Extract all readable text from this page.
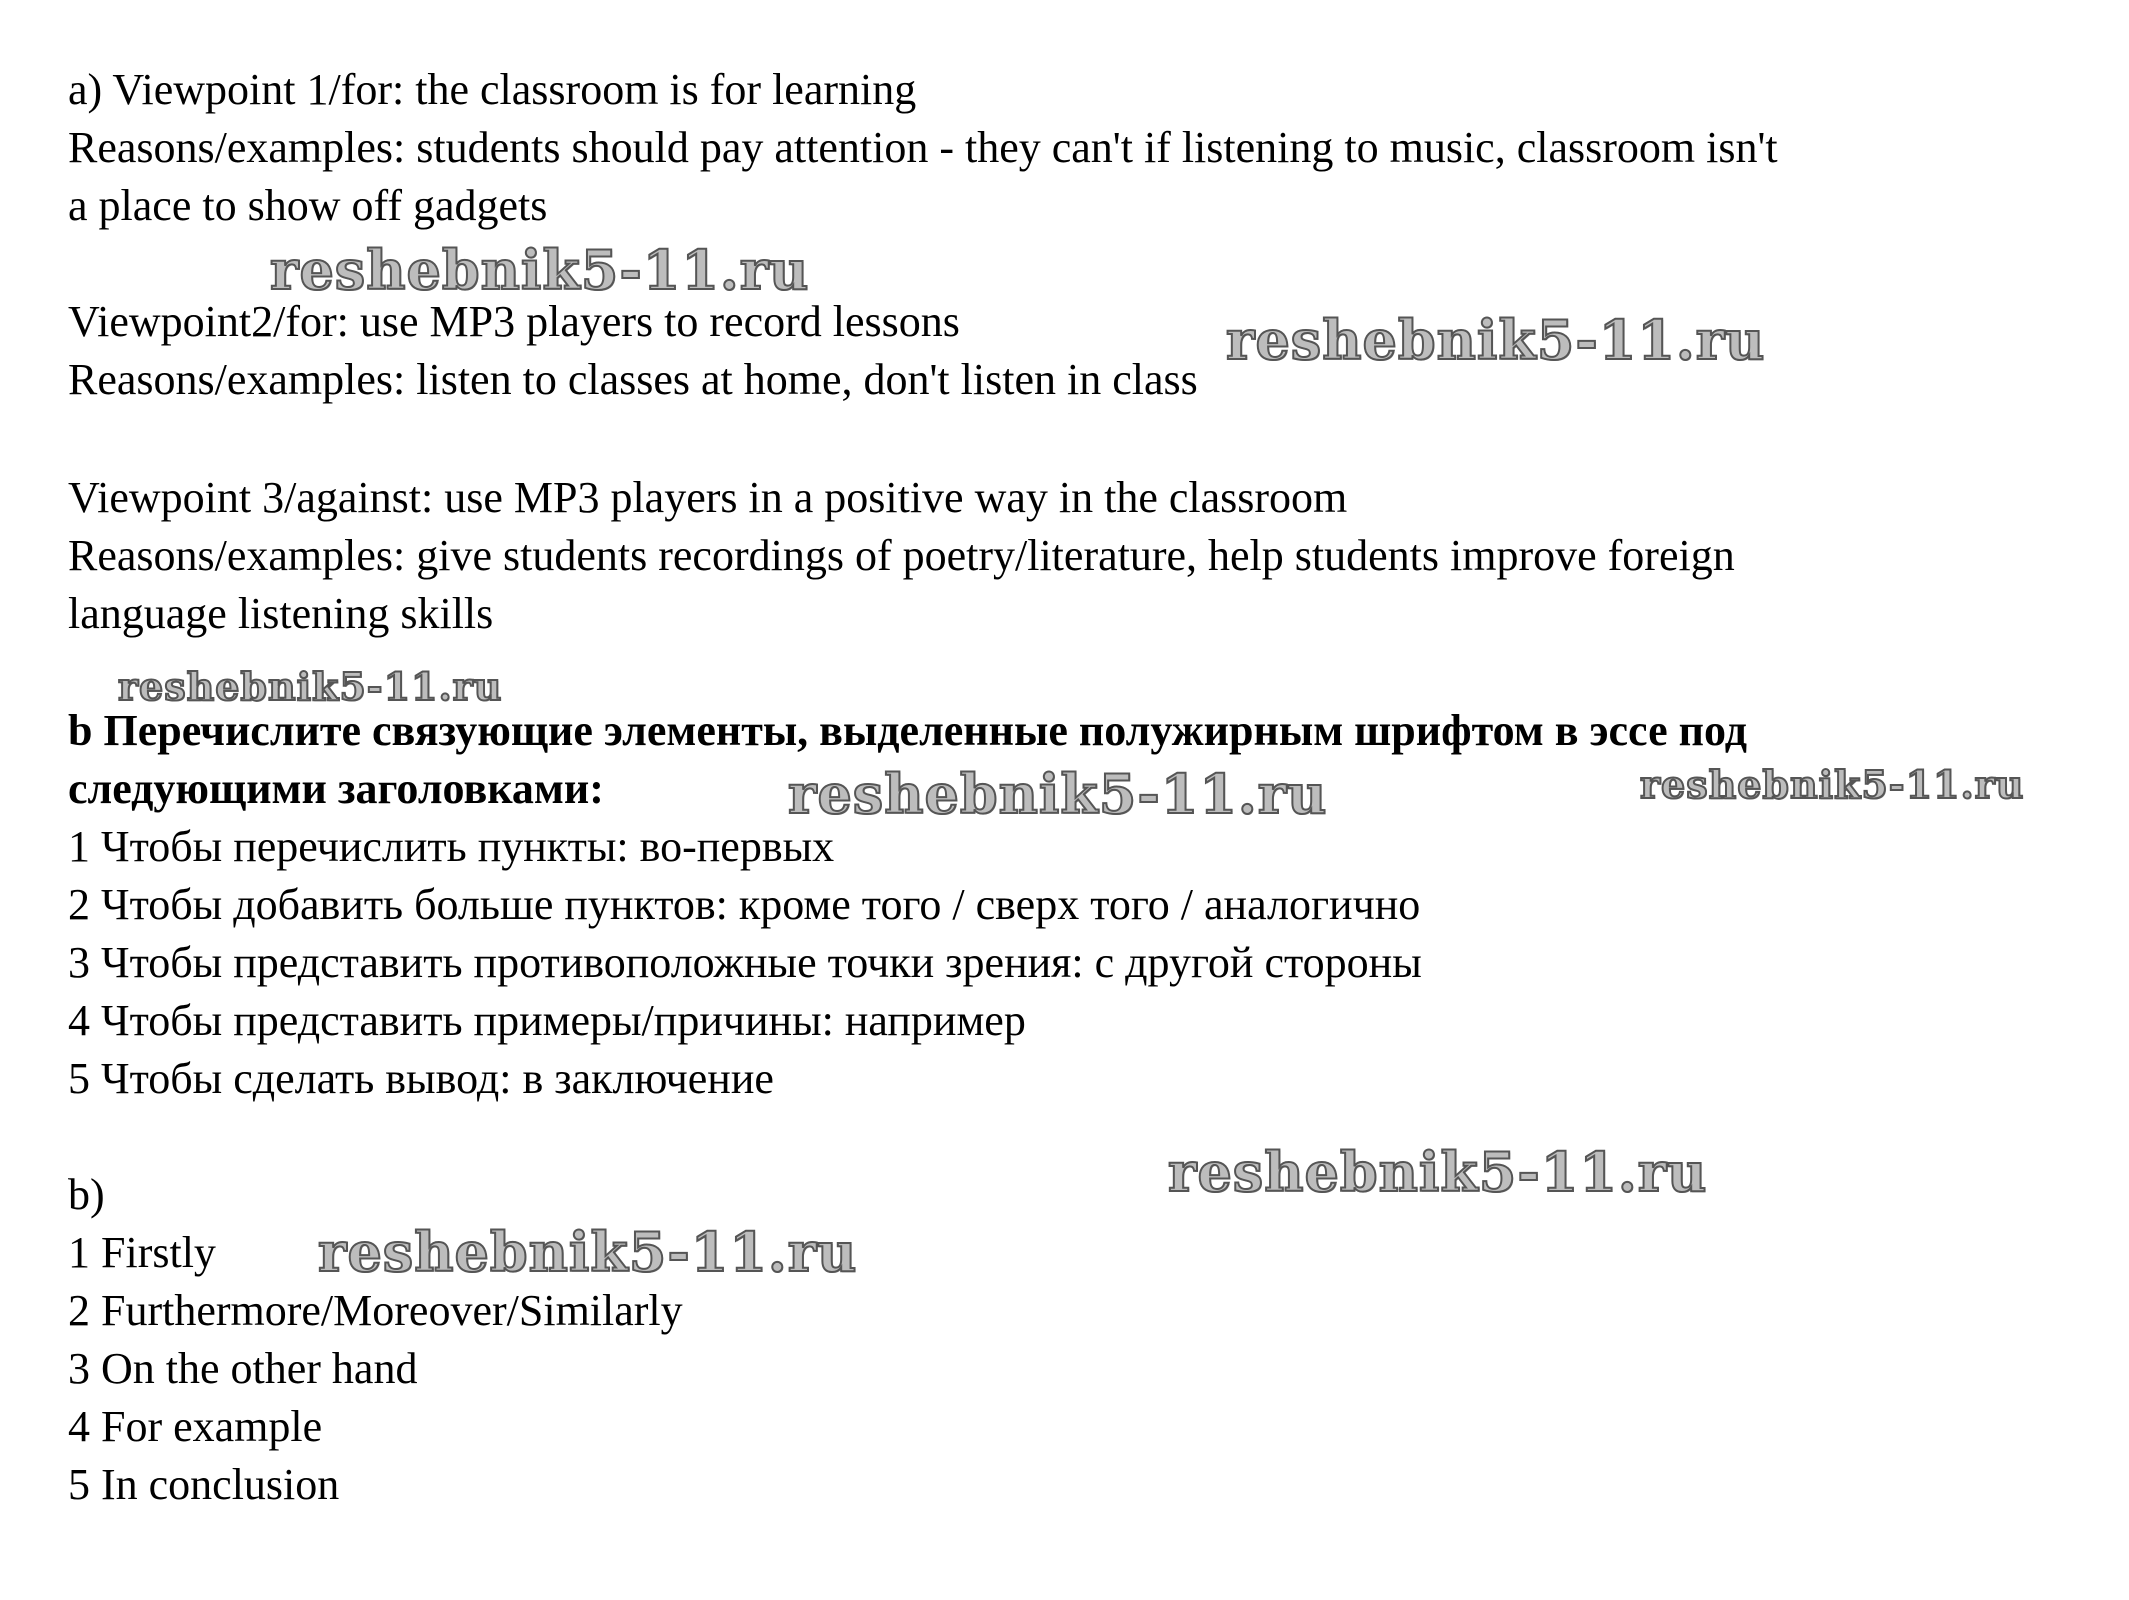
a) Viewpoint 1/for: the classroom is for learning
Reasons/examples: students should pay attention - they can't if listening to music, classroom isn't
a place to show off gadgets
Viewpoint2/for: use MP3 players to record lessons
Reasons/examples: listen to classes at home, don't listen in class
Viewpoint 3/against: use MP3 players in a positive way in the classroom
Reasons/examples: give students recordings of poetry/literature, help students improve foreign
language listening skills
b Перечислите связующие элементы, выделенные полужирным шрифтом в эссе под
следующими заголовками:
1 Чтобы перечислить пункты: во-первых
2 Чтобы добавить больше пунктов: кроме того / сверх того / аналогично
3 Чтобы представить противоположные точки зрения: с другой стороны
4 Чтобы представить примеры/причины: например
5 Чтобы сделать вывод: в заключение
b)
1 Firstly
2 Furthermore/Moreover/Similarly
3 On the other hand
4 For example
5 In conclusion
reshebnik5-11.ru
reshebnik5-11.ru
reshebnik5-11.ru
reshebnik5-11.ru	reshebnik5-11.ru
reshebnik5-11.ru
reshebnik5-11.ru
